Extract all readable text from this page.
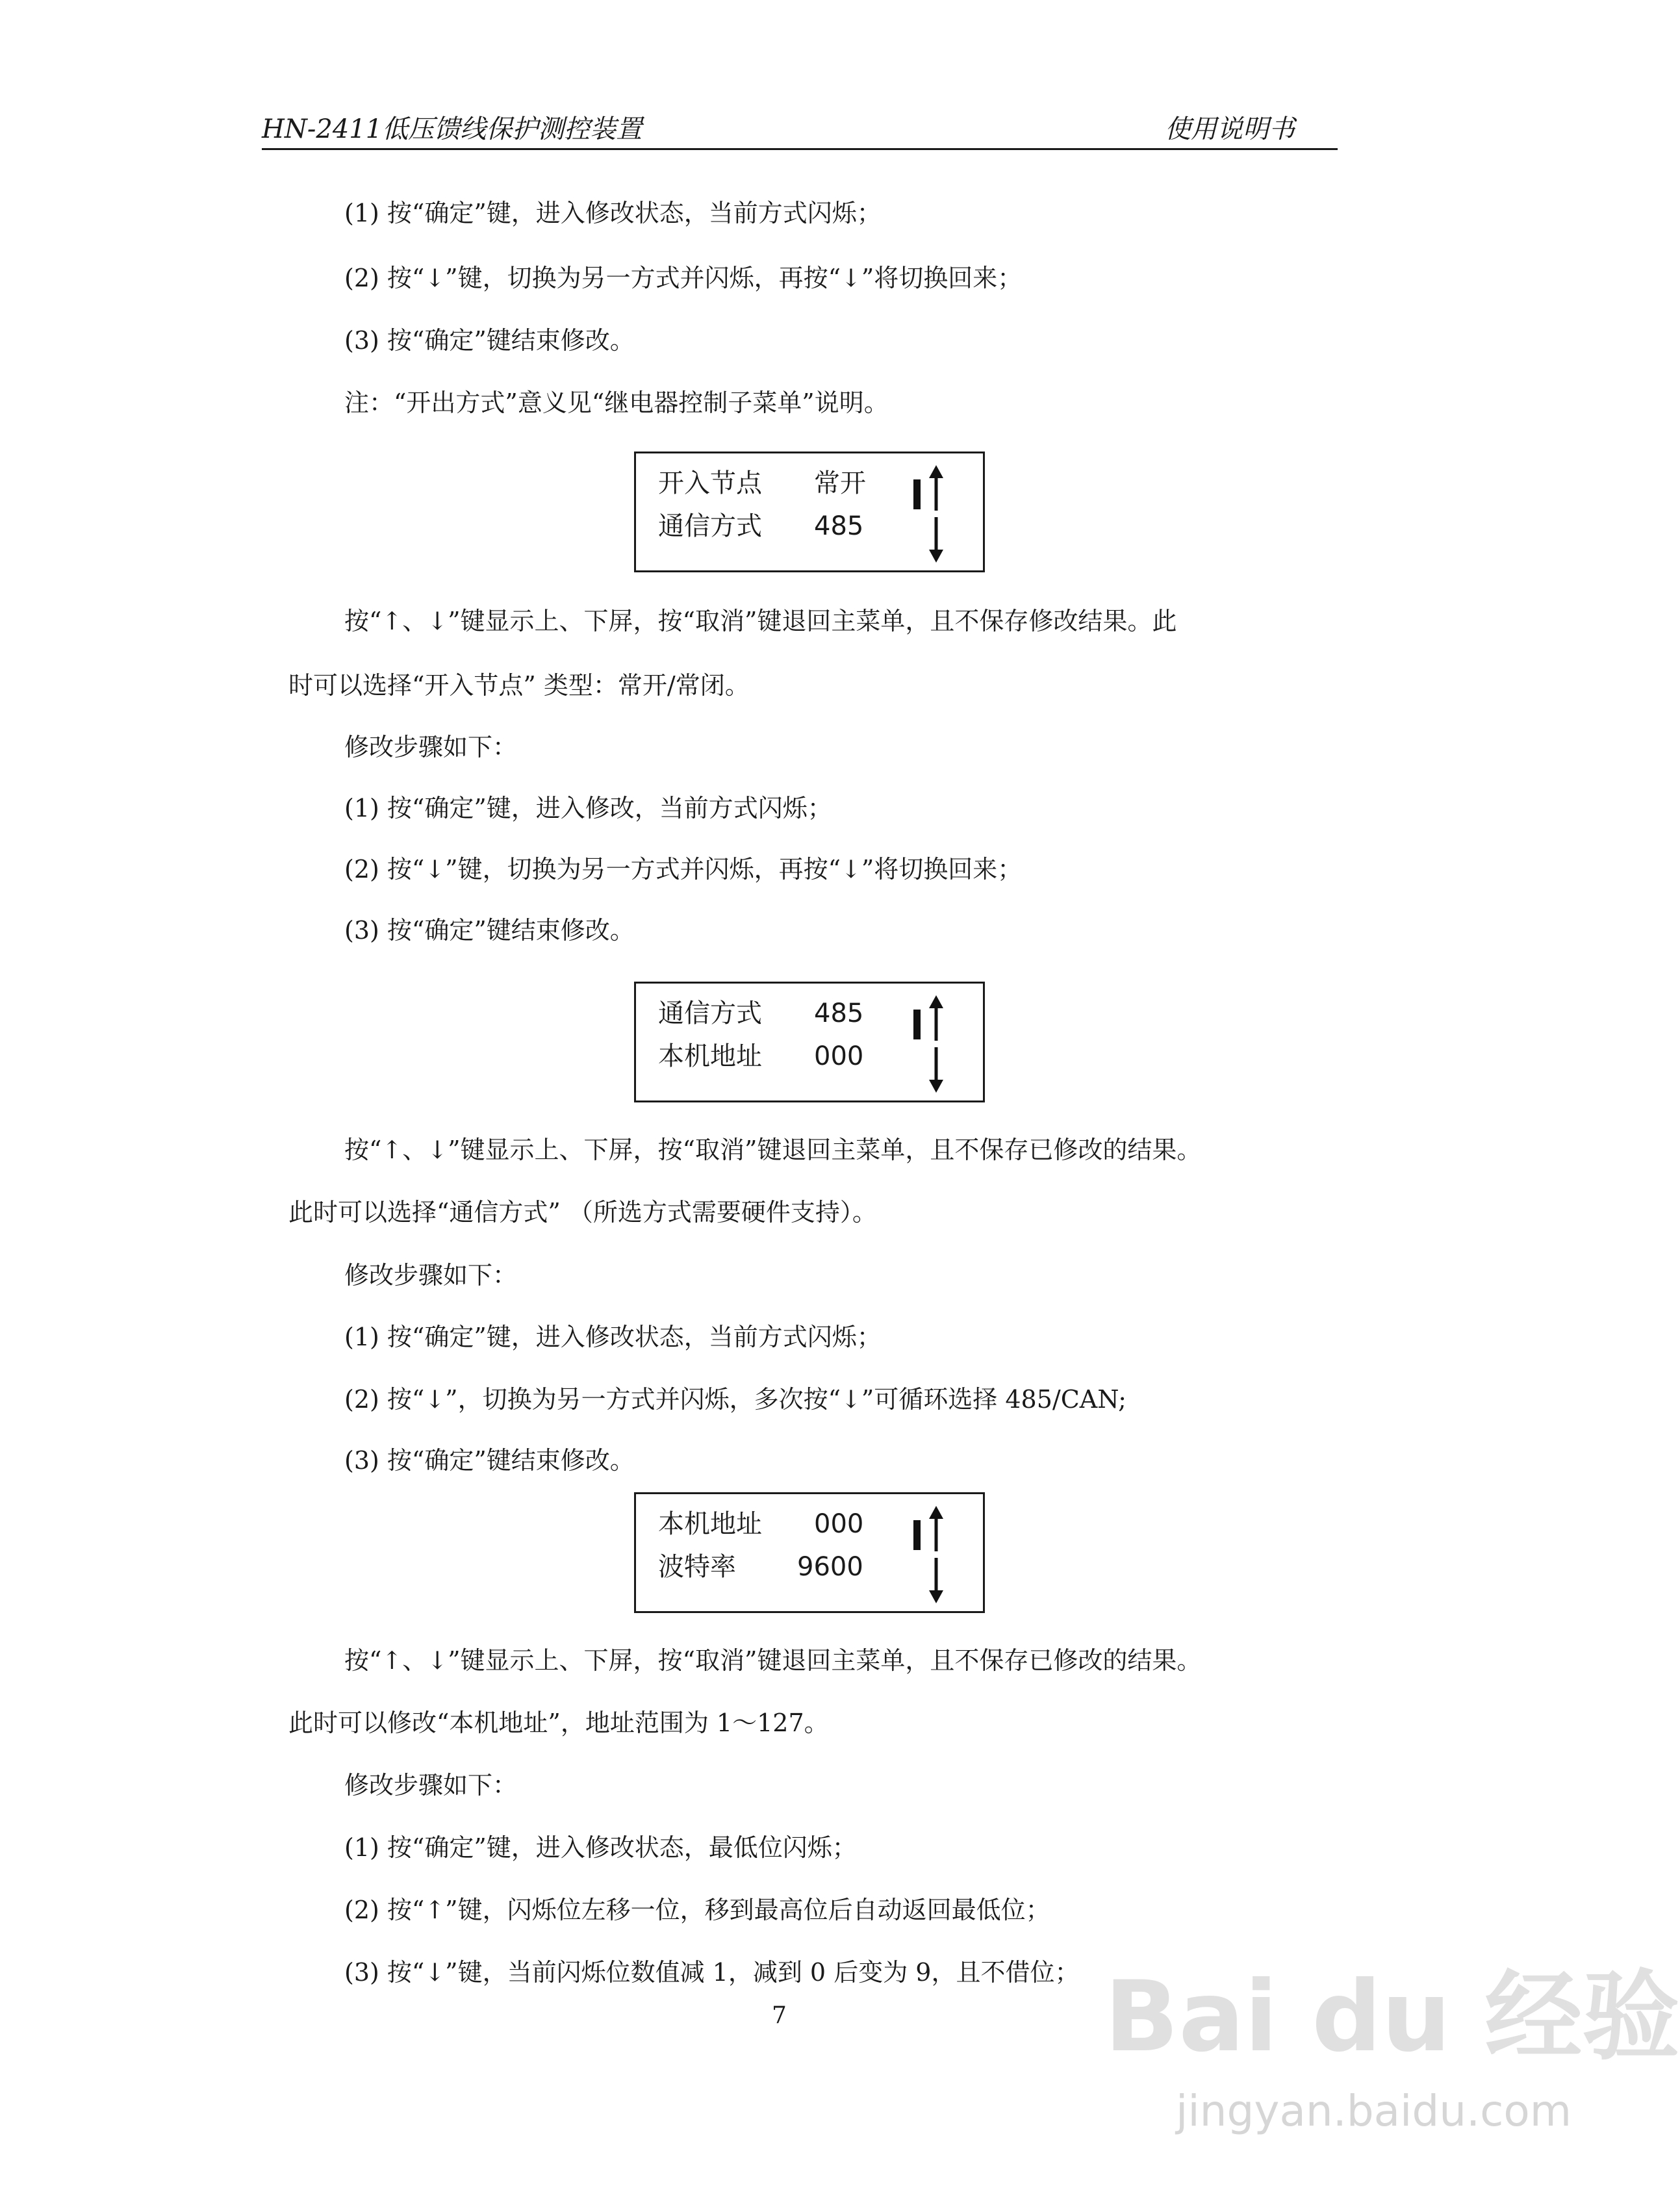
HN-2411低压馈线保护测控装置	使用说明书
(1) 按“确定”键，进入修改状态，当前方式闪烁；
(2) 按“↓”键，切换为另一方式并闪烁，再按“↓”将切换回来；
(3) 按“确定”键结束修改。
注：“开出方式”意义见“继电器控制子菜单”说明。
开入节点 常开
通信方式 485
按“↑、↓”键显示上、下屏，按“取消”键退回主菜单，且不保存修改结果。此
时可以选择“开入节点” 类型：常开/常闭。
修改步骤如下：
(1) 按“确定”键，进入修改，当前方式闪烁；
(2) 按“↓”键，切换为另一方式并闪烁，再按“↓”将切换回来；
(3) 按“确定”键结束修改。
通信方式 485
本机地址 000
按“↑、↓”键显示上、下屏，按“取消”键退回主菜单，且不保存已修改的结果。
此时可以选择“通信方式” （所选方式需要硬件支持）。
修改步骤如下：
(1) 按“确定”键，进入修改状态，当前方式闪烁；
(2) 按“↓”，切换为另一方式并闪烁，多次按“↓”可循环选择 485/CAN;
(3) 按“确定”键结束修改。
本机地址 000
波特率 9600
按“↑、↓”键显示上、下屏，按“取消”键退回主菜单，且不保存已修改的结果。
此时可以修改“本机地址”，地址范围为 1～127。
修改步骤如下：
(1) 按“确定”键，进入修改状态，最低位闪烁；
(2) 按“↑”键，闪烁位左移一位，移到最高位后自动返回最低位；
(3) 按“↓”键，当前闪烁位数值减 1，减到 0 后变为 9，且不借位；
7	Bai du 经验
jingyan.baidu.com
